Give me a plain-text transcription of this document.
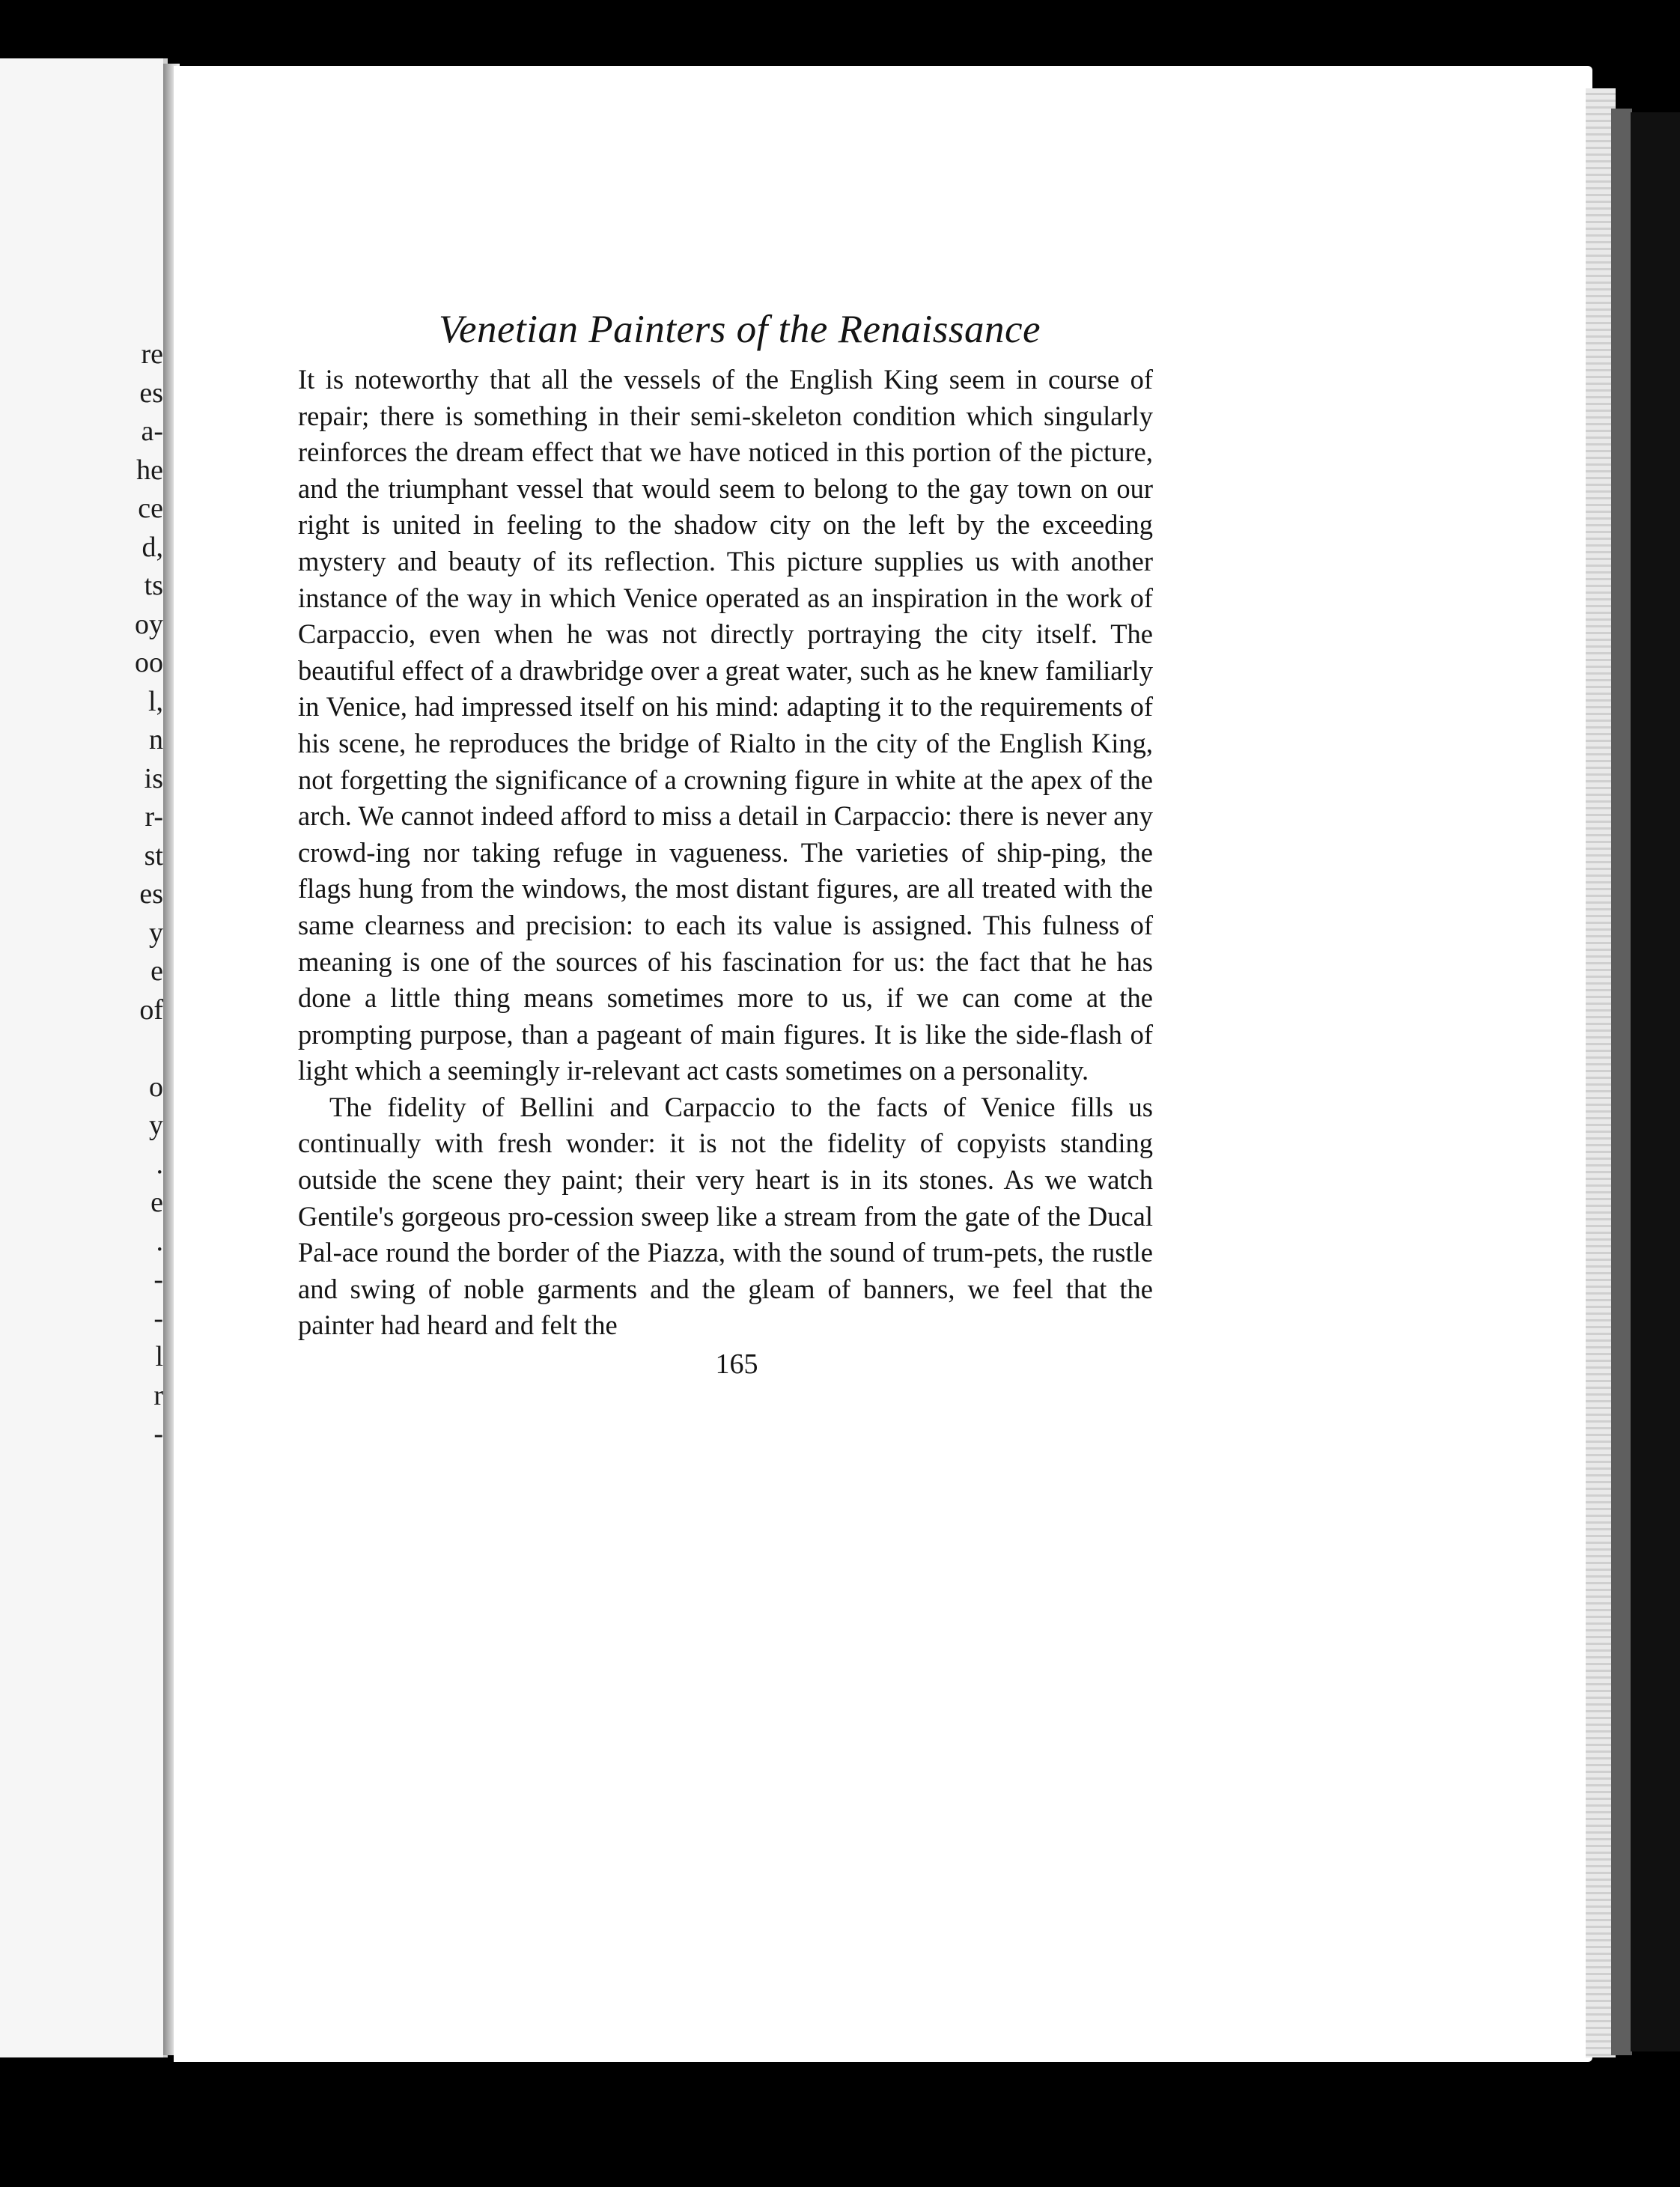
re
es
a-
he
ce
d,
ts
oy
oo
l,
n
is
r-
st
es
y
e
of
o
y
.
e
.
-
-
l
r
-
Venetian Painters of the Renaissance

It is noteworthy that all the vessels of the English King seem in course of repair; there is something in their semi-skeleton condition which singularly reinforces the dream effect that we have noticed in this portion of the picture, and the triumphant vessel that would seem to belong to the gay town on our right is united in feeling to the shadow city on the left by the exceeding mystery and beauty of its reflection. This picture supplies us with another instance of the way in which Venice operated as an inspiration in the work of Carpaccio, even when he was not directly portraying the city itself. The beautiful effect of a drawbridge over a great water, such as he knew familiarly in Venice, had impressed itself on his mind: adapting it to the requirements of his scene, he reproduces the bridge of Rialto in the city of the English King, not forgetting the significance of a crowning figure in white at the apex of the arch. We cannot indeed afford to miss a detail in Carpaccio: there is never any crowd-ing nor taking refuge in vagueness. The varieties of ship-ping, the flags hung from the windows, the most distant figures, are all treated with the same clearness and precision: to each its value is assigned. This fulness of meaning is one of the sources of his fascination for us: the fact that he has done a little thing means sometimes more to us, if we can come at the prompting purpose, than a pageant of main figures. It is like the side-flash of light which a seemingly ir-relevant act casts sometimes on a personality.

The fidelity of Bellini and Carpaccio to the facts of Venice fills us continually with fresh wonder: it is not the fidelity of copyists standing outside the scene they paint; their very heart is in its stones. As we watch Gentile's gorgeous pro-cession sweep like a stream from the gate of the Ducal Pal-ace round the border of the Piazza, with the sound of trum-pets, the rustle and swing of noble garments and the gleam of banners, we feel that the painter had heard and felt the

165
